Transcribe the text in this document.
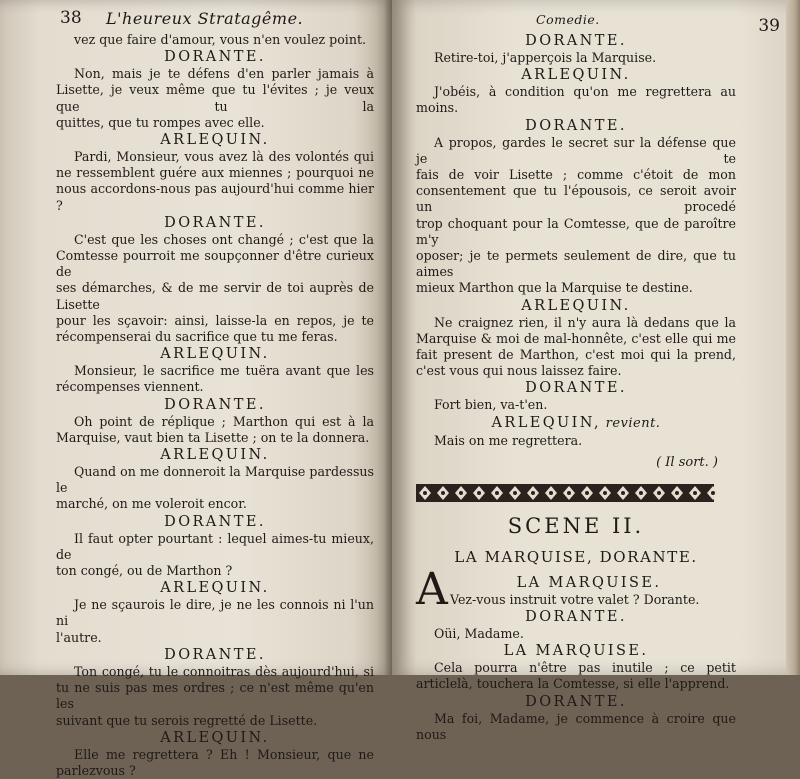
38 L'heureux Stratagême.
vez que faire d'amour, vous n'en voulez point.
DORANTE.
Non, mais je te défens d'en parler jamais à Lisette, je veux même que tu l'évites ; je veux que tu la
quittes, que tu rompes avec elle.
ARLEQUIN.
Pardi, Monsieur, vous avez là des volontés qui
ne ressemblent guére aux miennes ; pourquoi ne
nous accordons-nous pas aujourd'hui comme hier ?
DORANTE.
C'est que les choses ont changé ; c'est que la
Comtesse pourroit me soupçonner d'être curieux de
ses démarches, & de me servir de toi auprès de Lisette
pour les sçavoir: ainsi, laisse-la en repos, je te récompenserai du sacrifice que tu me feras.
ARLEQUIN.
Monsieur, le sacrifice me tuëra avant que les récompenses viennent.
DORANTE.
Oh point de réplique ; Marthon qui est à la Marquise, vaut bien ta Lisette ; on te la donnera.
ARLEQUIN.
Quand on me donneroit la Marquise pardessus le
marché, on me voleroit encor.
DORANTE.
Il faut opter pourtant : lequel aimes-tu mieux, de
ton congé, ou de Marthon ?
ARLEQUIN.
Je ne sçaurois le dire, je ne les connois ni l'un ni
l'autre.
DORANTE.
Ton congé, tu le connoitras dès aujourd'hui, si
tu ne suis pas mes ordres ; ce n'est même qu'en les
suivant que tu serois regretté de Lisette.
ARLEQUIN.
Elle me regrettera ? Eh ! Monsieur, que ne parlezvous ?
Comedie.	39
DORANTE.
Retire-toi, j'apperçois la Marquise.
ARLEQUIN.
J'obéis, à condition qu'on me regrettera au
moins.
DORANTE.
A propos, gardes le secret sur la défense que je te
fais de voir Lisette ; comme c'étoit de mon consentement que tu l'épousois, ce seroit avoir un procedé
trop choquant pour la Comtesse, que de paroître m'y
oposer; je te permets seulement de dire, que tu aimes
mieux Marthon que la Marquise te destine.
ARLEQUIN.
Ne craignez rien, il n'y aura là dedans que la
Marquise & moi de mal-honnête, c'est elle qui me
fait present de Marthon, c'est moi qui la prend,
c'est vous qui nous laissez faire.
DORANTE.
Fort bien, va-t'en.
ARLEQUIN, revient.
Mais on me regrettera.
( Il sort. )
SCENE II.
LA MARQUISE, DORANTE.
A	LA MARQUISE.
Vez-vous instruit votre valet ? Dorante.
DORANTE.
Oüi, Madame.
LA MARQUISE.
Cela pourra n'être pas inutile ; ce petit articlelà, touchera la Comtesse, si elle l'apprend.
DORANTE.
Ma foi, Madame, je commence à croire que nous
